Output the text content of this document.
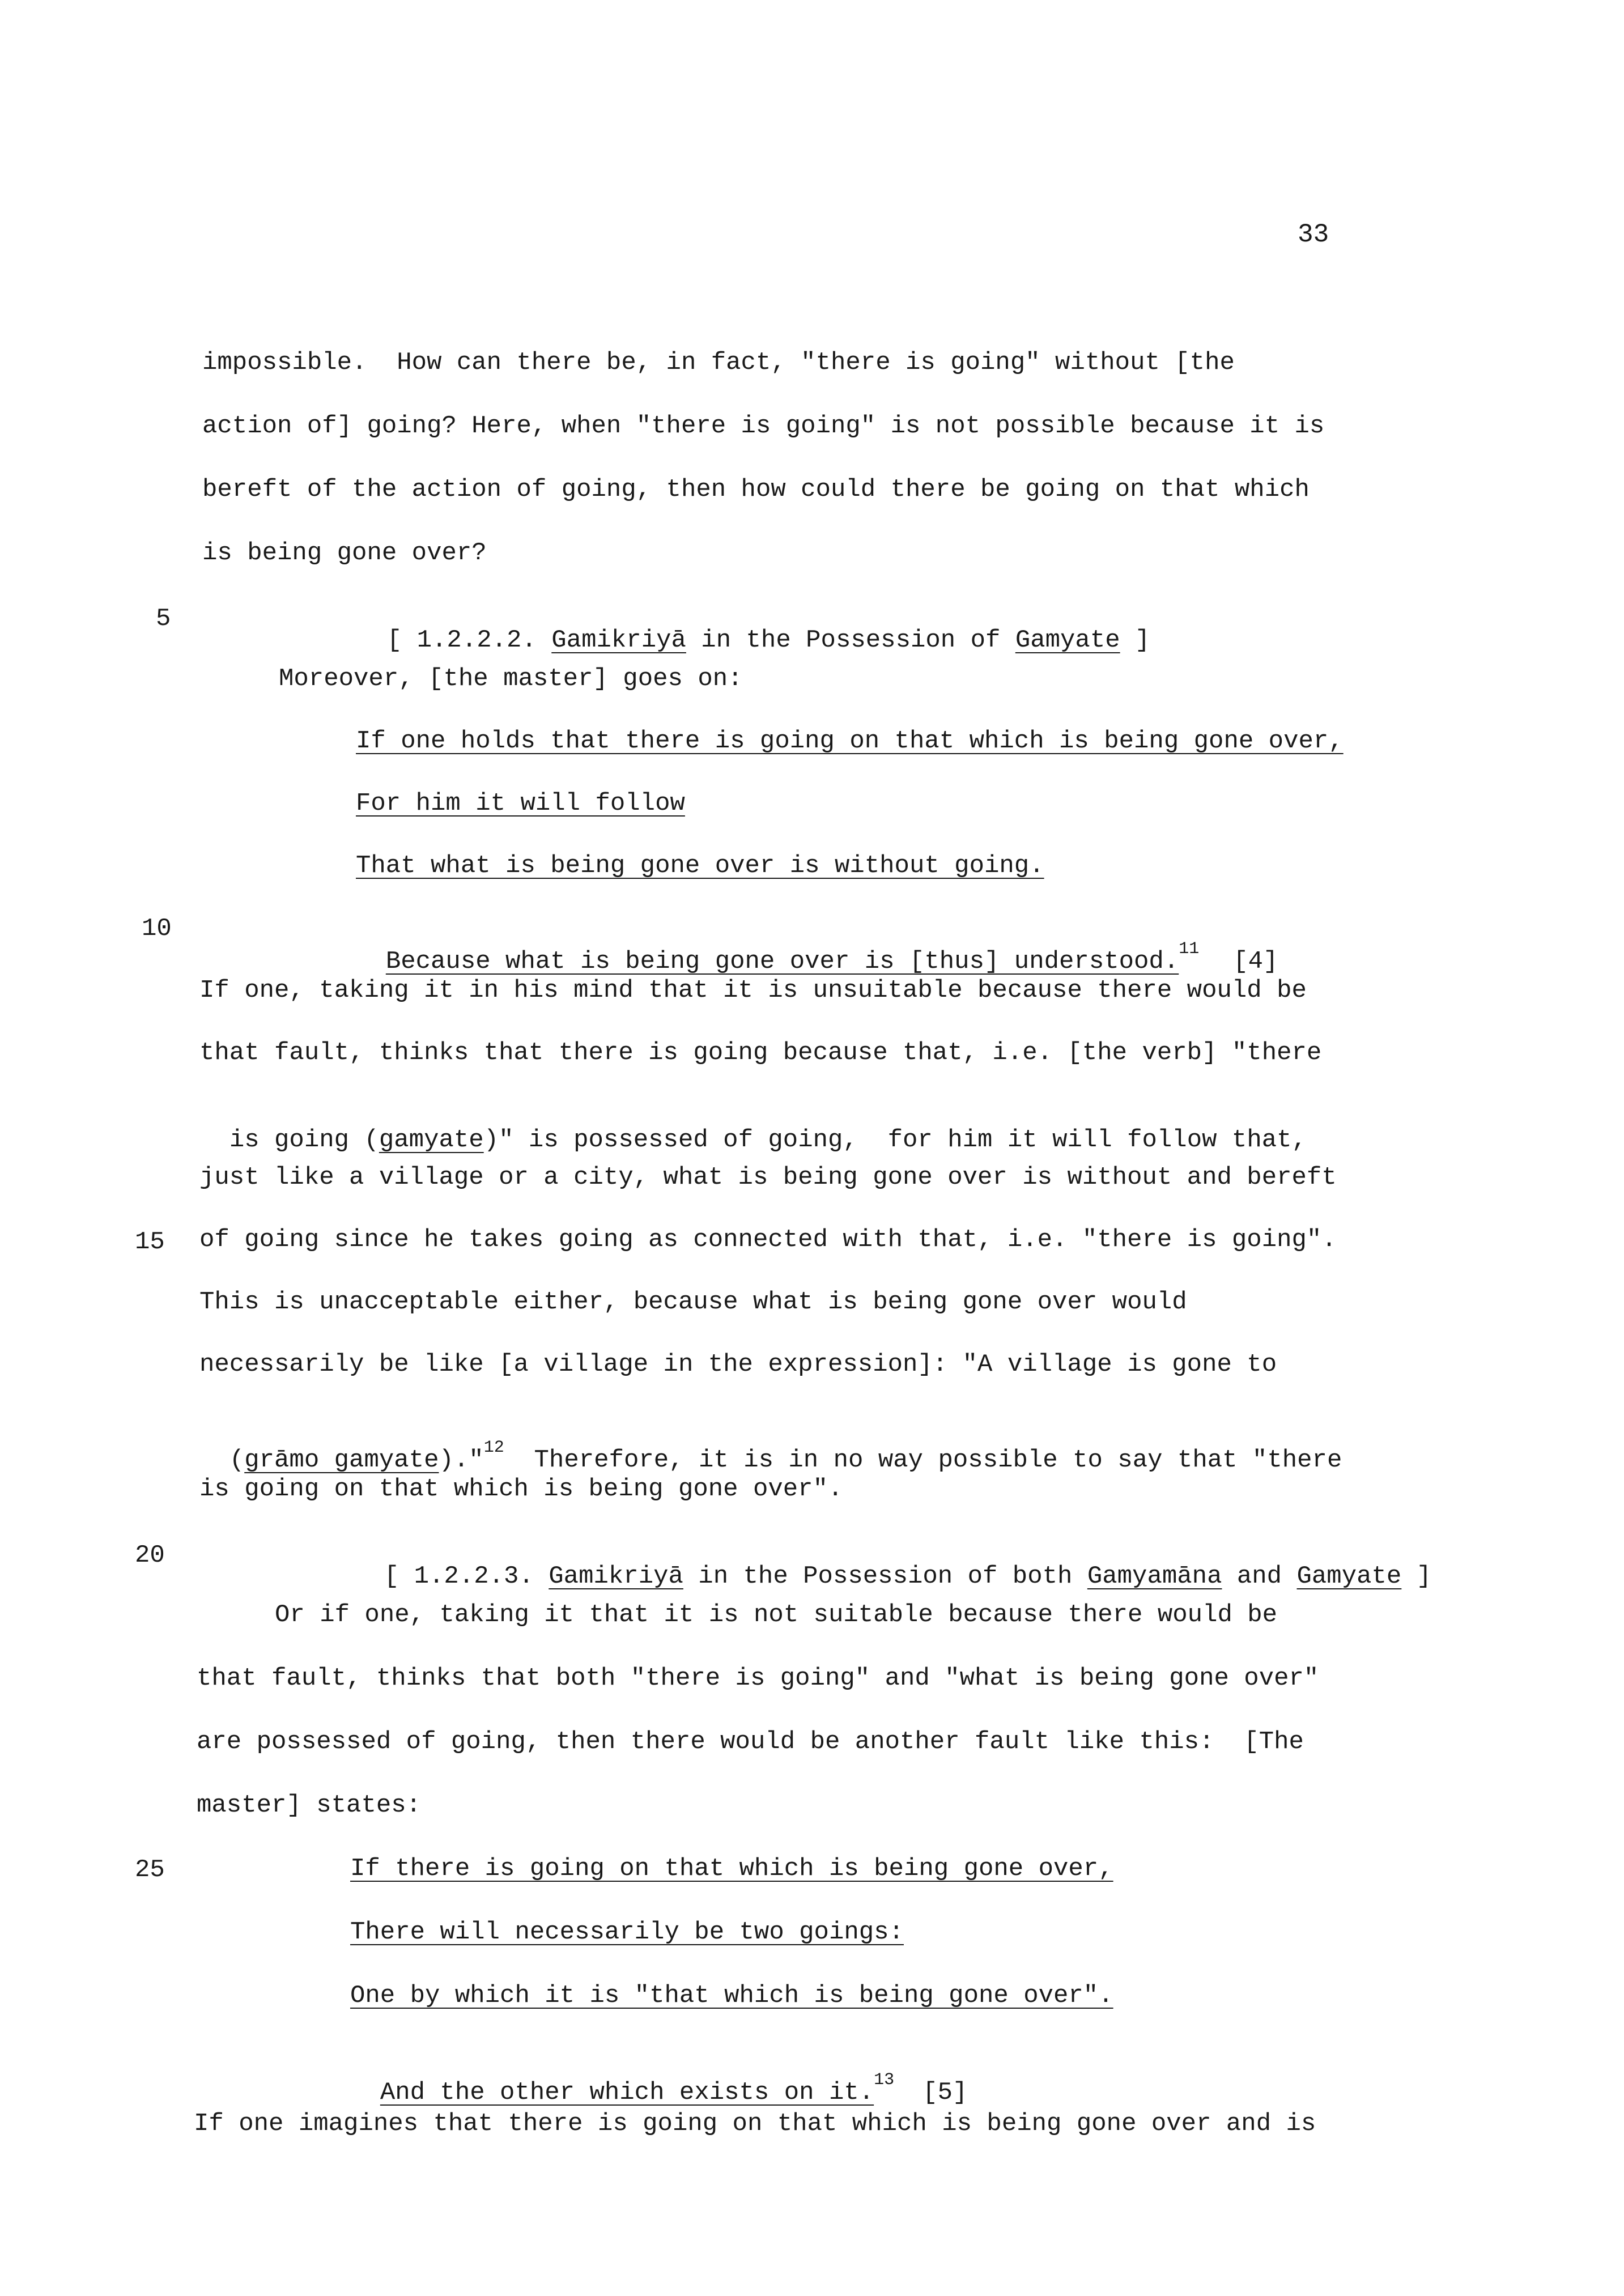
33
5
10
15
20
25
impossible.  How can there be, in fact, "there is going" without [the
action of] going? Here, when "there is going" is not possible because it is
bereft of the action of going, then how could there be going on that which
is being gone over?

[ 1.2.2.2. Gamikriyā in the Possession of Gamyate ]

Moreover, [the master] goes on:
If one holds that there is going on that which is being gone over,
For him it will follow
That what is being gone over is without going.

Because what is being gone over is [thus] understood.$^{11}$ [4]

If one, taking it in his mind that it is unsuitable because there would be
that fault, thinks that there is going because that, i.e. [the verb] "there

is going (gamyate)" is possessed of going,  for him it will follow that,

just like a village or a city, what is being gone over is without and bereft
of going since he takes going as connected with that, i.e. "there is going".
This is unacceptable either, because what is being gone over would
necessarily be like [a village in the expression]: "A village is gone to

(grāmo gamyate)."$^{12}$  Therefore, it is in no way possible to say that "there

is going on that which is being gone over".

[ 1.2.2.3. Gamikriyā in the Possession of both Gamyamāna and Gamyate ]

Or if one, taking it that it is not suitable because there would be
that fault, thinks that both "there is going" and "what is being gone over"
are possessed of going, then there would be another fault like this:  [The
master] states:
If there is going on that which is being gone over,
There will necessarily be two goings:
One by which it is "that which is being gone over".

And the other which exists on it.$^{13}$ [5]

If one imagines that there is going on that which is being gone over and is
